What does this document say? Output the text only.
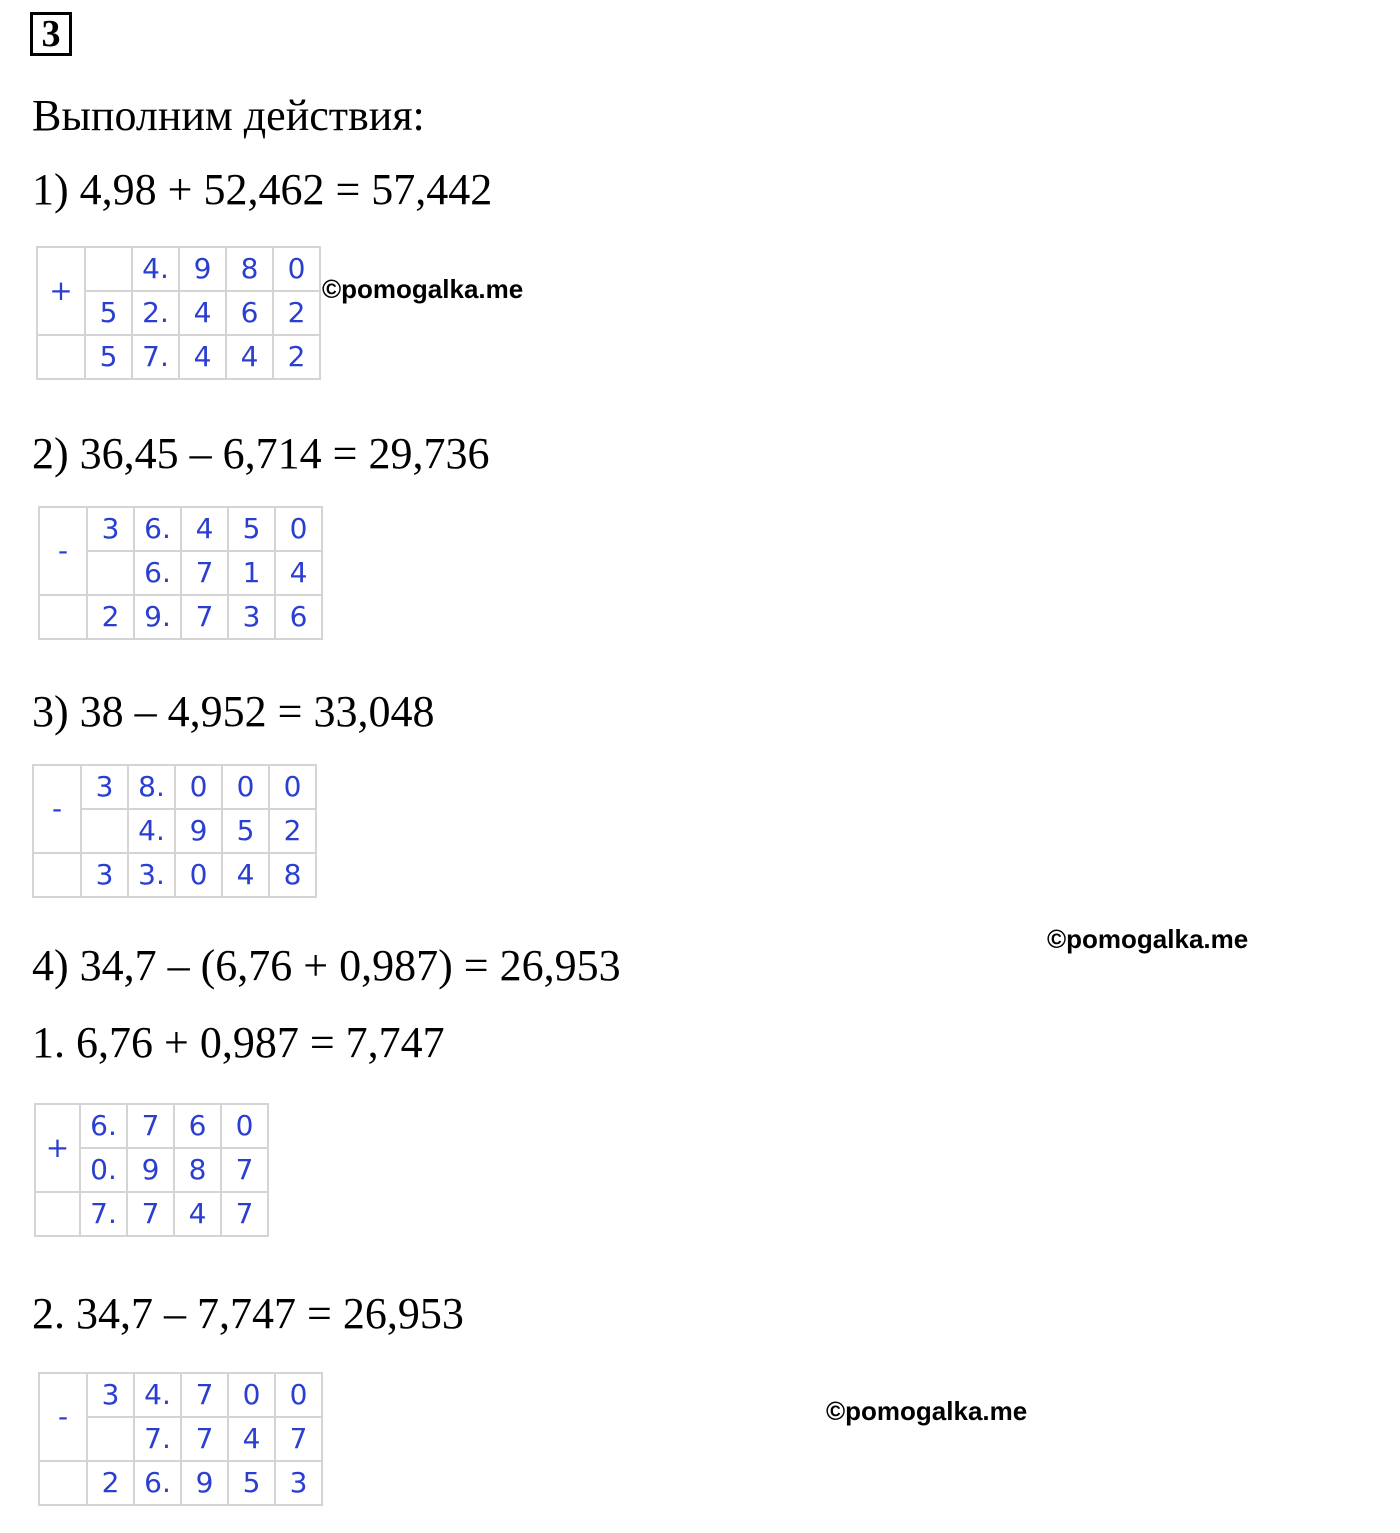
3
Выполним действия:
1) 4,98 + 52,462 = 57,442
+		4.	9	8	0
	5	2.	4	6	2
	5	7.	4	4	2
©pomogalka.me
2) 36,45 – 6,714 = 29,736
-	3	6.	4	5	0
		6.	7	1	4
	2	9.	7	3	6
3) 38 – 4,952 = 33,048
-	3	8.	0	0	0
		4.	9	5	2
	3	3.	0	4	8
©pomogalka.me
4) 34,7 – (6,76 + 0,987) = 26,953
1. 6,76 + 0,987 = 7,747
+	6.	7	6	0
	0.	9	8	7
	7.	7	4	7
2. 34,7 – 7,747 = 26,953
-	3	4.	7	0	0
		7.	7	4	7
	2	6.	9	5	3
©pomogalka.me
